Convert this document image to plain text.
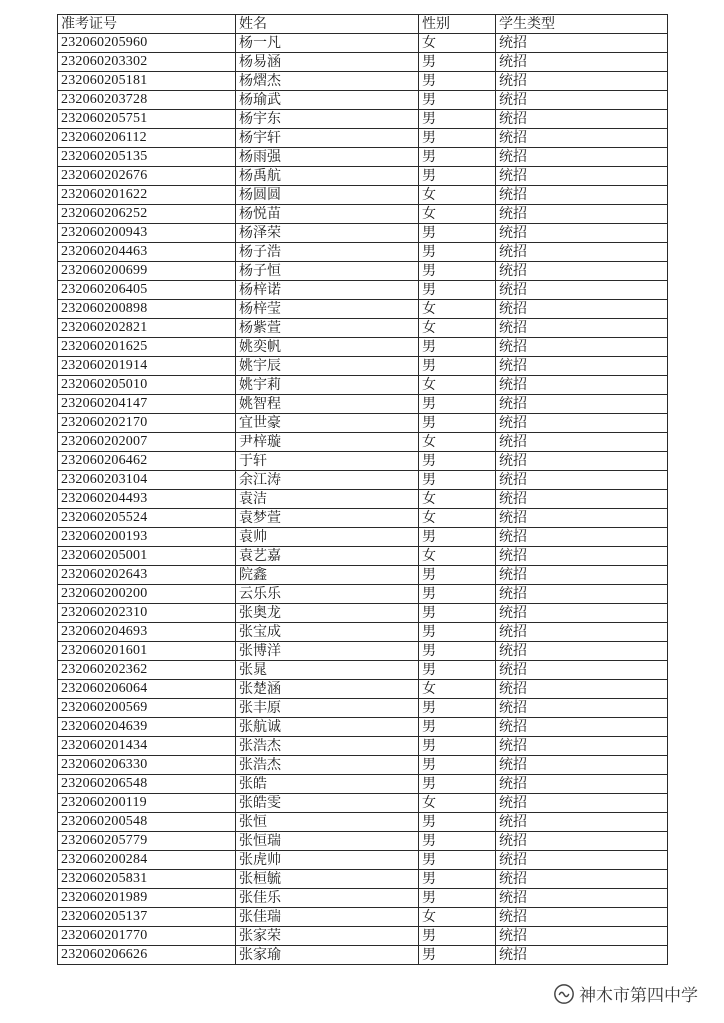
准考证号	姓名	性别	学生类型
232060205960	杨一凡	女	统招
232060203302	杨易涵	男	统招
232060205181	杨熠杰	男	统招
232060203728	杨瑜武	男	统招
232060205751	杨宇东	男	统招
232060206112	杨宇轩	男	统招
232060205135	杨雨强	男	统招
232060202676	杨禹航	男	统招
232060201622	杨圆圆	女	统招
232060206252	杨悦苗	女	统招
232060200943	杨泽荣	男	统招
232060204463	杨子浩	男	统招
232060200699	杨子恒	男	统招
232060206405	杨梓诺	男	统招
232060200898	杨梓莹	女	统招
232060202821	杨紫萱	女	统招
232060201625	姚奕帆	男	统招
232060201914	姚宇辰	男	统招
232060205010	姚宇莉	女	统招
232060204147	姚智程	男	统招
232060202170	宜世豪	男	统招
232060202007	尹梓璇	女	统招
232060206462	于轩	男	统招
232060203104	余江涛	男	统招
232060204493	袁洁	女	统招
232060205524	袁梦萱	女	统招
232060200193	袁帅	男	统招
232060205001	袁艺嘉	女	统招
232060202643	院鑫	男	统招
232060200200	云乐乐	男	统招
232060202310	张奥龙	男	统招
232060204693	张宝成	男	统招
232060201601	张博洋	男	统招
232060202362	张晁	男	统招
232060206064	张楚涵	女	统招
232060200569	张丰原	男	统招
232060204639	张航诚	男	统招
232060201434	张浩杰	男	统招
232060206330	张浩杰	男	统招
232060206548	张皓	男	统招
232060200119	张皓雯	女	统招
232060200548	张恒	男	统招
232060205779	张恒瑞	男	统招
232060200284	张虎帅	男	统招
232060205831	张桓毓	男	统招
232060201989	张佳乐	男	统招
232060205137	张佳瑞	女	统招
232060201770	张家荣	男	统招
232060206626	张家瑜	男	统招
神木市第四中学
